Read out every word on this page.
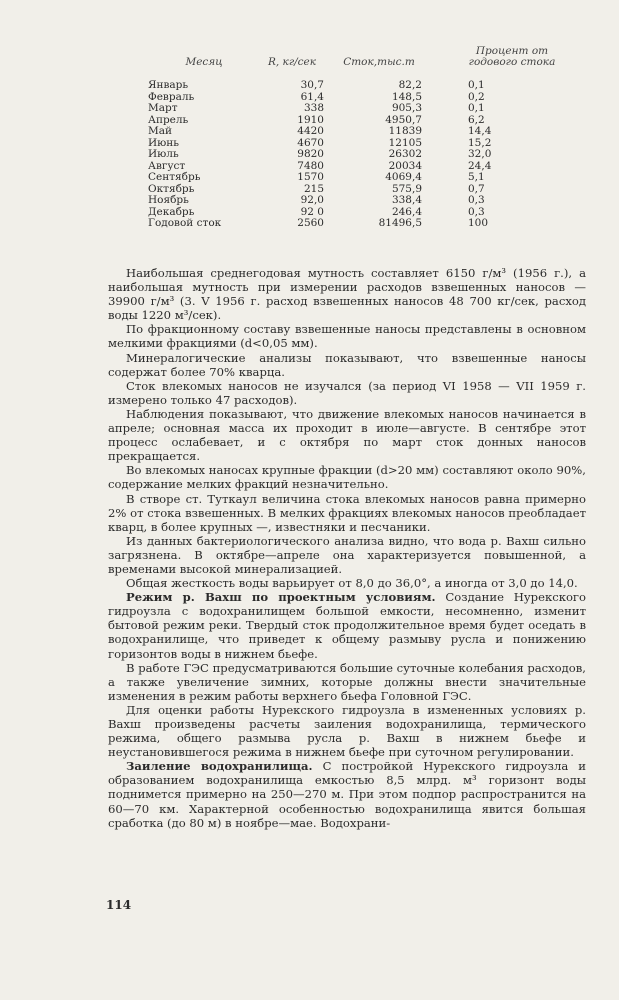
Месяц	R, кг/сек	Сток,тыс.т	Процент от годового стока
Январь	30,7	82,2	0,1
Февраль	61,4	148,5	0,2
Март	338	905,3	0,1
Апрель	1910	4950,7	6,2
Май	4420	11839	14,4
Июнь	4670	12105	15,2
Июль	9820	26302	32,0
Август	7480	20034	24,4
Сентябрь	1570	4069,4	5,1
Октябрь	215	575,9	0,7
Ноябрь	92,0	338,4	0,3
Декабрь	92 0	246,4	0,3
Годовой сток	2560	81496,5	100

Наибольшая среднегодовая мутность составляет 6150 г/м³ (1956 г.), а наибольшая мутность при измерении расходов взвешенных наносов — 39900 г/м³ (3. V 1956 г. расход взвешенных наносов 48 700 кг/сек, расход воды 1220 м³/сек).

По фракционному составу взвешенные наносы представлены в основном мелкими фракциями (d<0,05 мм).

Минералогические анализы показывают, что взвешенные наносы содержат более 70% кварца.

Сток влекомых наносов не изучался (за период VI 1958 — VII 1959 г. измерено только 47 расходов).

Наблюдения показывают, что движение влекомых наносов начинается в апреле; основная масса их проходит в июле—августе. В сентябре этот процесс ослабевает, и с октября по март сток донных наносов прекращается.

Во влекомых наносах крупные фракции (d>20 мм) составляют около 90%, содержание мелких фракций незначительно.

В створе ст. Туткаул величина стока влекомых наносов равна примерно 2% от стока взвешенных. В мелких фракциях влекомых наносов преобладает кварц, в более крупных —, известняки и песчаники.

Из данных бактериологического анализа видно, что вода р. Вахш сильно загрязнена. В октябре—апреле она характеризуется повышенной, а временами высокой минерализацией.

Общая жесткость воды варьирует от 8,0 до 36,0°, а иногда от 3,0 до 14,0.

Режим р. Вахш по проектным условиям. Создание Нурекского гидроузла с водохранилищем большой емкости, несомненно, изменит бытовой режим реки. Твердый сток продолжительное время будет оседать в водохранилище, что приведет к общему размыву русла и понижению горизонтов воды в нижнем бьефе.

В работе ГЭС предусматриваются большие суточные колебания расходов, а также увеличение зимних, которые должны внести значительные изменения в режим работы верхнего бьефа Головной ГЭС.

Для оценки работы Нурекского гидроузла в измененных условиях р. Вахш произведены расчеты заиления водохранилища, термического режима, общего размыва русла р. Вахш в нижнем бьефе и неустановившегося режима в нижнем бьефе при суточном регулировании.

Заиление водохранилища. С постройкой Нурекского гидроузла и образованием водохранилища емкостью 8,5 млрд. м³ горизонт воды поднимется примерно на 250—270 м. При этом подпор распространится на 60—70 км. Характерной особенностью водохранилища явится большая сработка (до 80 м) в ноябре—мае. Водохрани-

114
